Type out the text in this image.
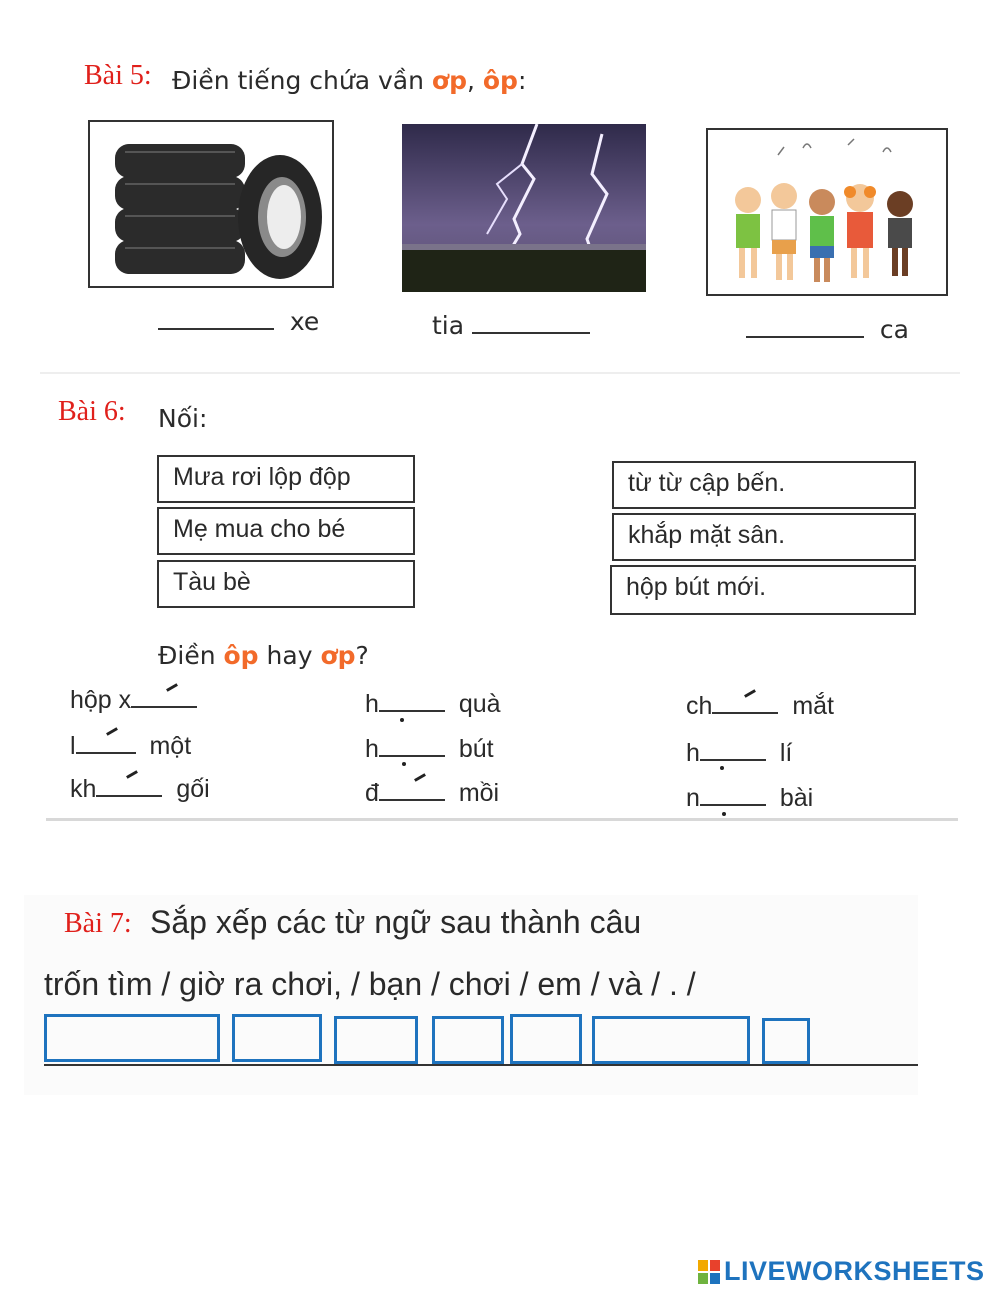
Bài 5: Điền tiếng chứa vần ơp, ôp:
xe	tia	ca
Bài 6: Nối:
Mưa rơi lộp độp
Mẹ mua cho bé
Tàu bè
từ từ cập bến.
khắp mặt sân.
hộp bút mới.
Điền ôp hay ơp?
hộp x
l	một
kh	gối
h	quà
h	bút
đ	mồi
ch	mắt
h	lí
n	bài
Bài 7: Sắp xếp các từ ngữ sau thành câu
trốn tìm / giờ ra chơi, / bạn / chơi / em / và / . /
LIVEWORKSHEETS
